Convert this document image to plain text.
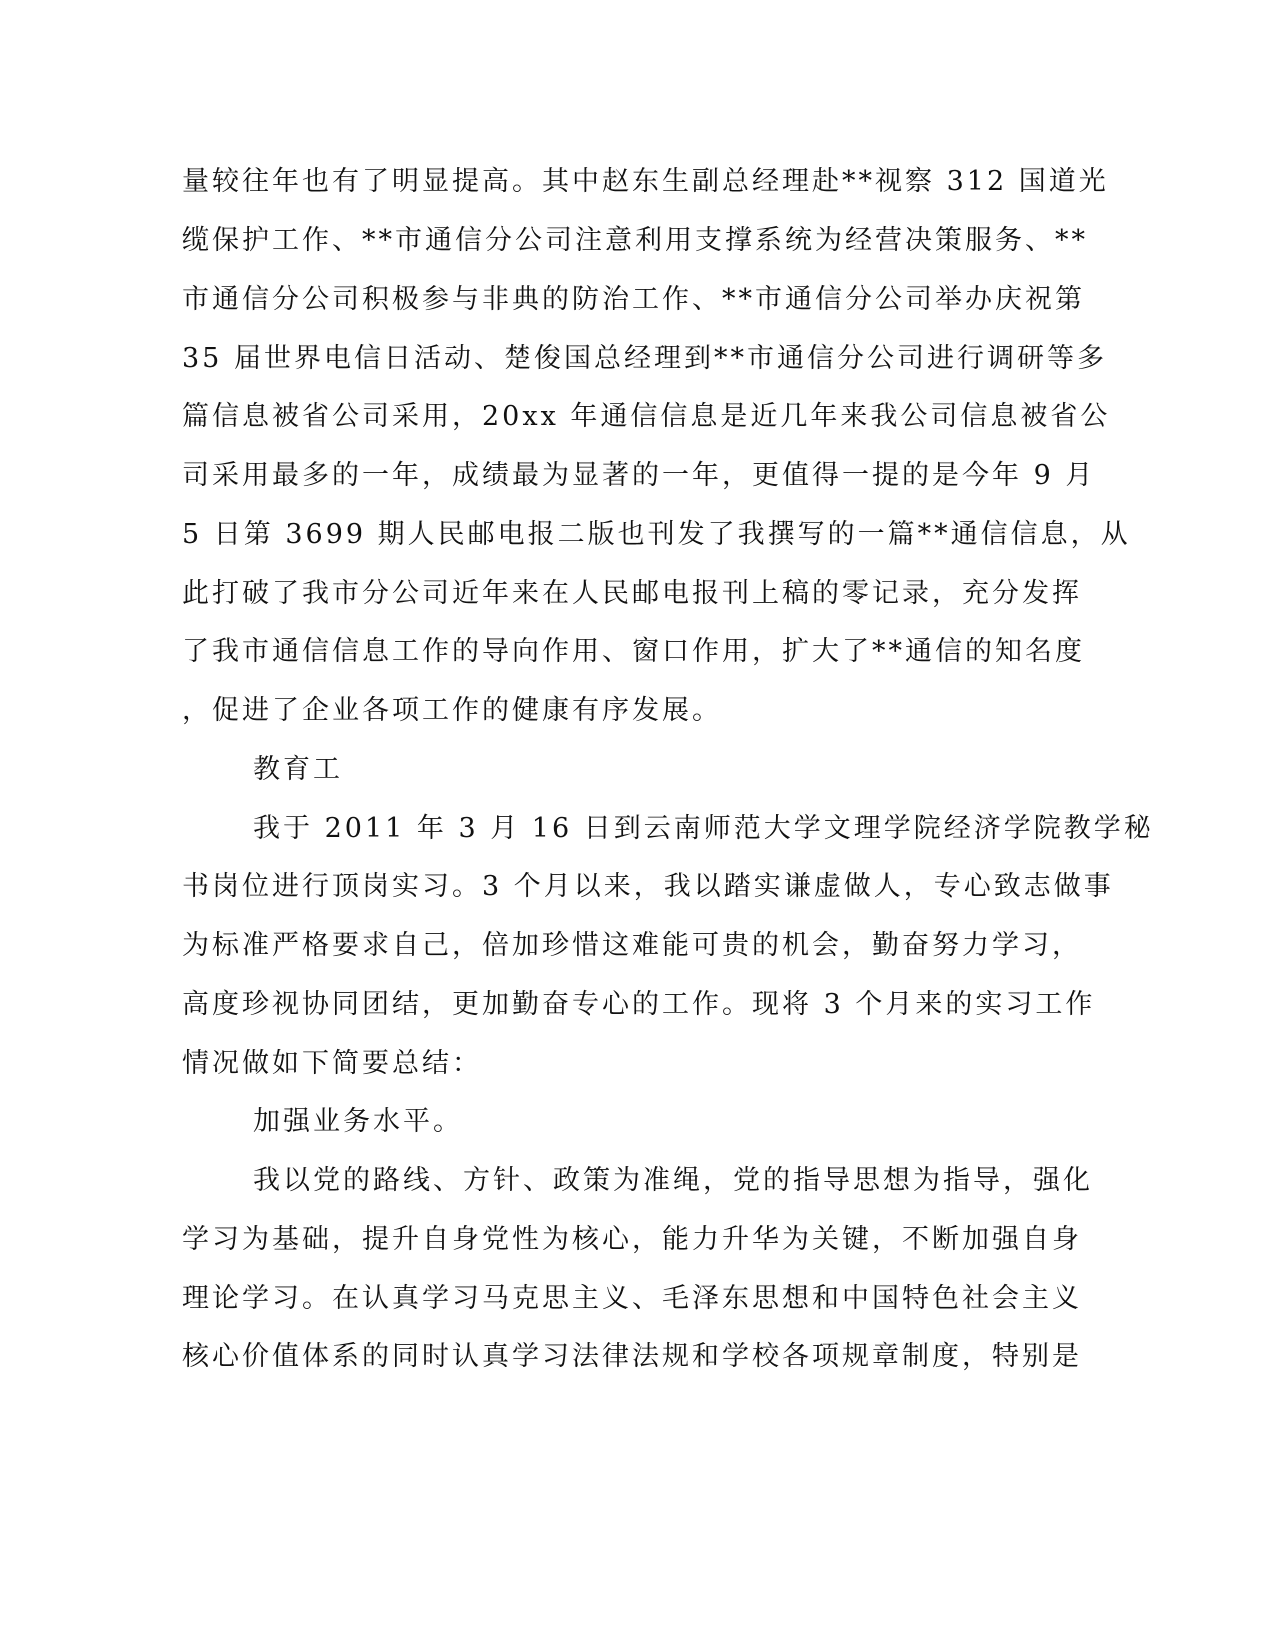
量较往年也有了明显提高。其中赵东生副总经理赴**视察 312 国道光
缆保护工作、**市通信分公司注意利用支撑系统为经营决策服务、**
市通信分公司积极参与非典的防治工作、**市通信分公司举办庆祝第
35 届世界电信日活动、楚俊国总经理到**市通信分公司进行调研等多
篇信息被省公司采用，20xx 年通信信息是近几年来我公司信息被省公
司采用最多的一年，成绩最为显著的一年，更值得一提的是今年 9 月
5 日第 3699 期人民邮电报二版也刊发了我撰写的一篇**通信信息，从
此打破了我市分公司近年来在人民邮电报刊上稿的零记录，充分发挥
了我市通信信息工作的导向作用、窗口作用，扩大了**通信的知名度
，促进了企业各项工作的健康有序发展。
教育工
我于 2011 年 3 月 16 日到云南师范大学文理学院经济学院教学秘
书岗位进行顶岗实习。3 个月以来，我以踏实谦虚做人，专心致志做事
为标准严格要求自己，倍加珍惜这难能可贵的机会，勤奋努力学习，
高度珍视协同团结，更加勤奋专心的工作。现将 3 个月来的实习工作
情况做如下简要总结：
加强业务水平。
我以党的路线、方针、政策为准绳，党的指导思想为指导，强化
学习为基础，提升自身党性为核心，能力升华为关键，不断加强自身
理论学习。在认真学习马克思主义、毛泽东思想和中国特色社会主义
核心价值体系的同时认真学习法律法规和学校各项规章制度，特别是
